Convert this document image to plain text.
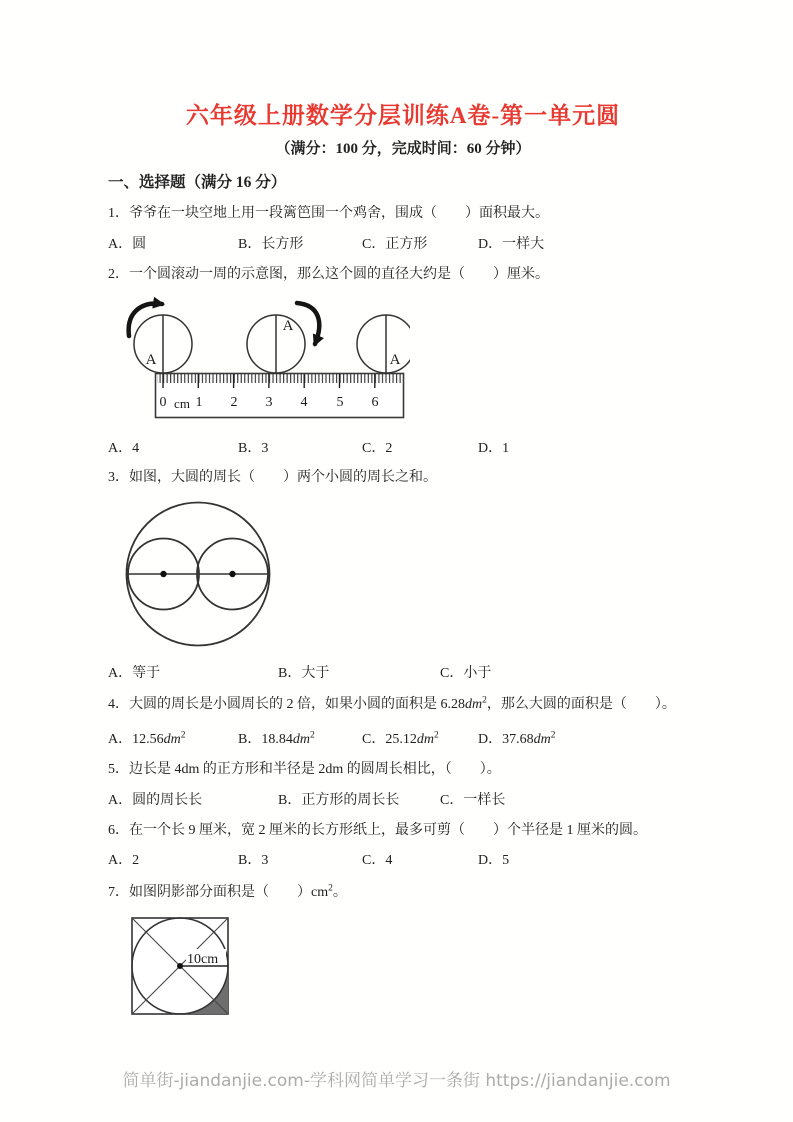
六年级上册数学分层训练A卷-第一单元圆
（满分：100 分，完成时间：60 分钟）
一、选择题（满分 16 分）
1．爷爷在一块空地上用一段篱笆围一个鸡舍，围成（　　）面积最大。
A．圆	B．长方形	C．正方形	D．一样大
2．一个圆滚动一周的示意图，那么这个圆的直径大约是（　　）厘米。
0 cm 1 2 3 4 5 6
A
A
A
A．4	B．3	C．2	D．1
3．如图，大圆的周长（　　）两个小圆的周长之和。
A．等于	B．大于	C．小于
4．大圆的周长是小圆周长的 2 倍，如果小圆的面积是 $6.28dm^2$，那么大圆的面积是（　　）。
A．$12.56dm^2$	B．$18.84dm^2$	C．$25.12dm^2$	D．$37.68dm^2$
5．边长是 4dm 的正方形和半径是 2dm 的圆周长相比，（　　）。
A．圆的周长长	B．正方形的周长长	C．一样长
6．在一个长 9 厘米，宽 2 厘米的长方形纸上，最多可剪（　　）个半径是 1 厘米的圆。
A．2	B．3	C．4	D．5
7．如图阴影部分面积是（　　）$cm^2$。
10cm
简单街-jiandanjie.com-学科网简单学习一条街 https://jiandanjie.com
